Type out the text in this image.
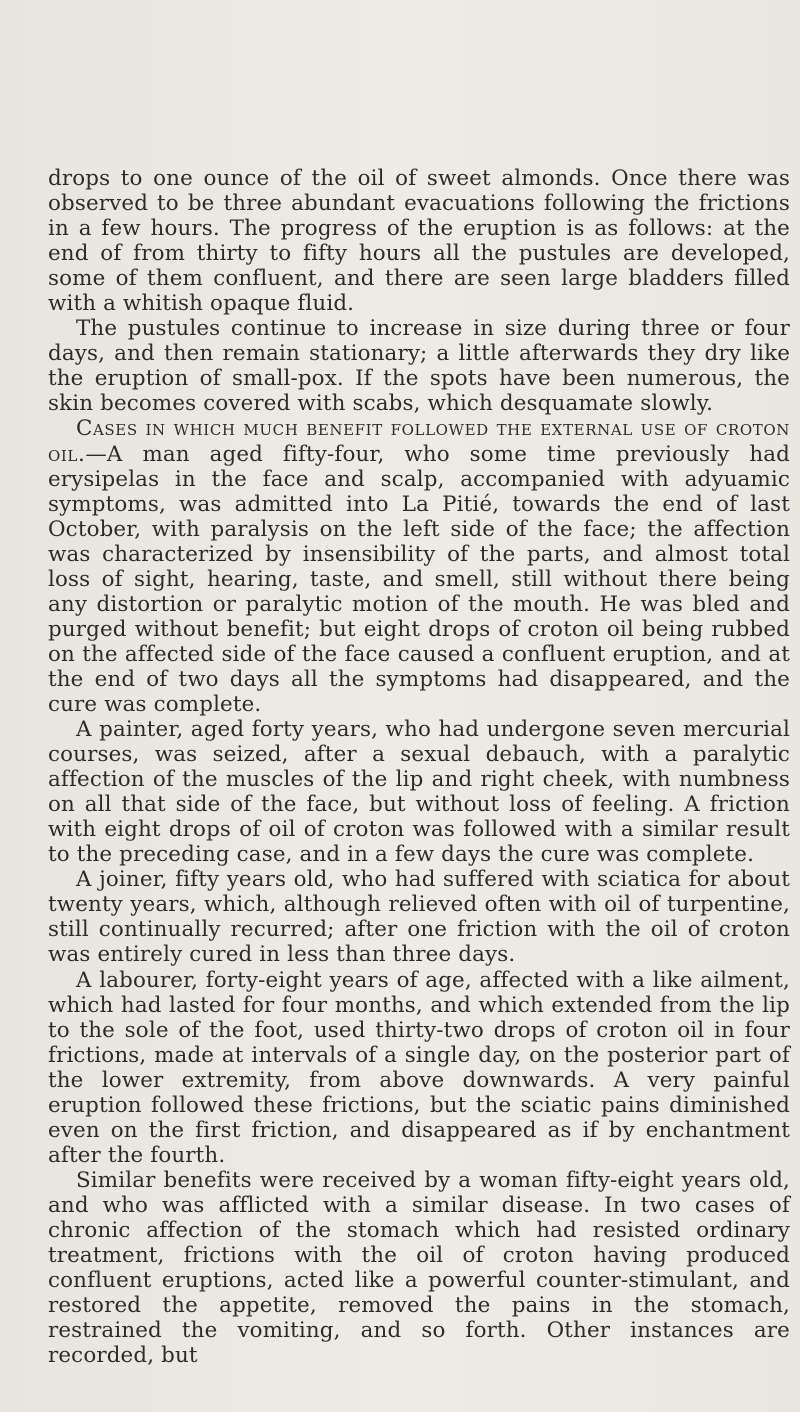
drops to one ounce of the oil of sweet almonds. Once there was observed to be three abundant evacuations following the frictions in a few hours. The progress of the eruption is as follows: at the end of from thirty to fifty hours all the pustules are developed, some of them confluent, and there are seen large bladders filled with a whitish opaque fluid.

The pustules continue to increase in size during three or four days, and then remain stationary; a little afterwards they dry like the eruption of small-pox. If the spots have been numerous, the skin becomes covered with scabs, which desquamate slowly.

Cases in which much benefit followed the external use of croton oil.—A man aged fifty-four, who some time previously had erysipelas in the face and scalp, accompanied with adyuamic symptoms, was admitted into La Pitié, towards the end of last October, with paralysis on the left side of the face; the affection was characterized by insensibility of the parts, and almost total loss of sight, hearing, taste, and smell, still without there being any distortion or paralytic motion of the mouth. He was bled and purged without benefit; but eight drops of croton oil being rubbed on the affected side of the face caused a confluent eruption, and at the end of two days all the symptoms had disappeared, and the cure was complete.

A painter, aged forty years, who had undergone seven mercurial courses, was seized, after a sexual debauch, with a paralytic affection of the muscles of the lip and right cheek, with numbness on all that side of the face, but without loss of feeling. A friction with eight drops of oil of croton was followed with a similar result to the preceding case, and in a few days the cure was complete.

A joiner, fifty years old, who had suffered with sciatica for about twenty years, which, although relieved often with oil of turpentine, still continually recurred; after one friction with the oil of croton was entirely cured in less than three days.

A labourer, forty-eight years of age, affected with a like ailment, which had lasted for four months, and which extended from the lip to the sole of the foot, used thirty-two drops of croton oil in four frictions, made at intervals of a single day, on the posterior part of the lower extremity, from above downwards. A very painful eruption followed these frictions, but the sciatic pains diminished even on the first friction, and disappeared as if by enchantment after the fourth.

Similar benefits were received by a woman fifty-eight years old, and who was afflicted with a similar disease. In two cases of chronic affection of the stomach which had resisted ordinary treatment, frictions with the oil of croton having produced confluent eruptions, acted like a powerful counter-stimulant, and restored the appetite, removed the pains in the stomach, restrained the vomiting, and so forth. Other instances are recorded, but
